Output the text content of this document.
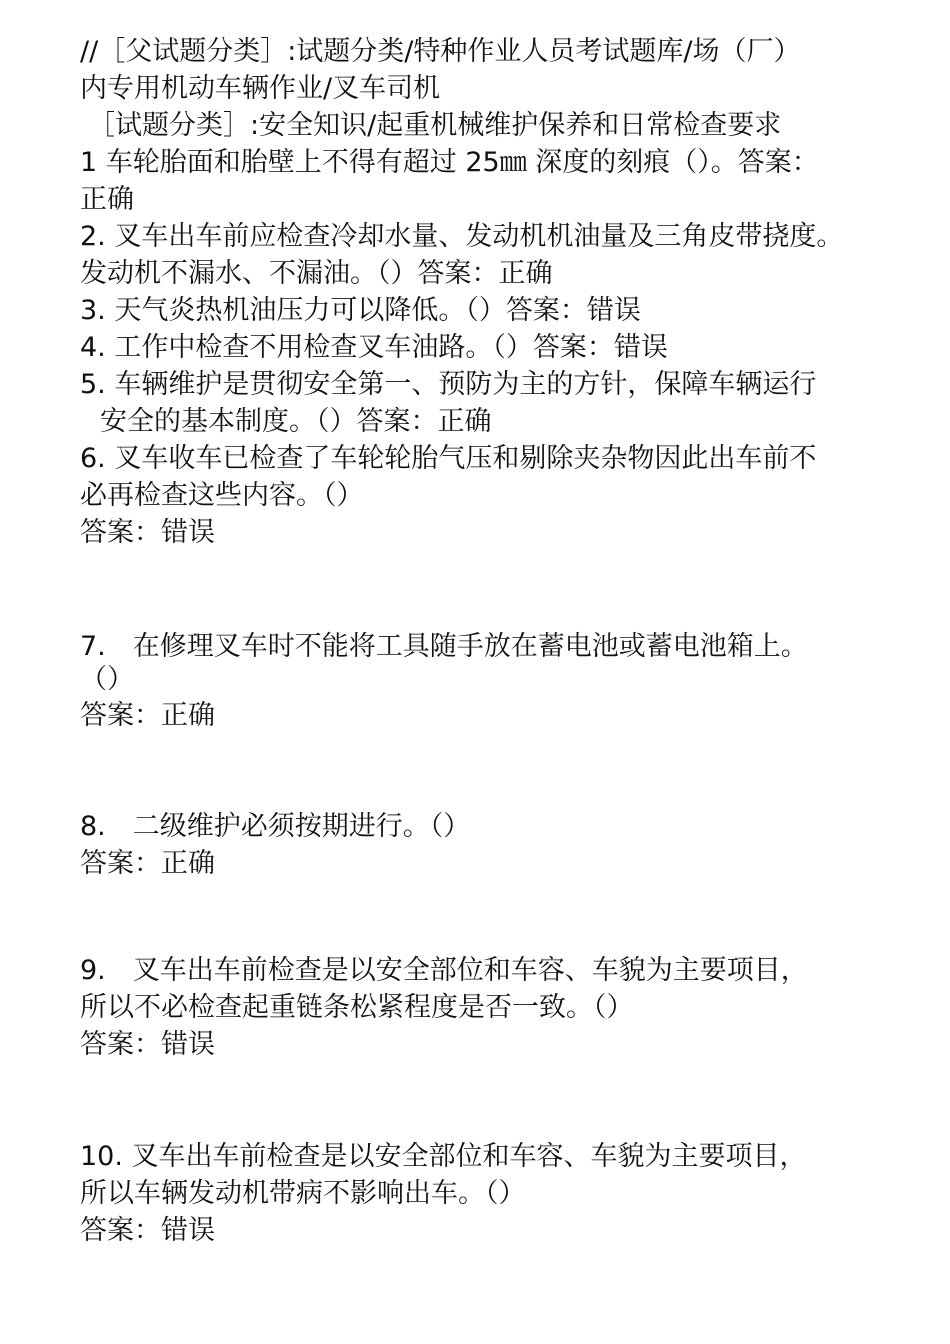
//［父试题分类］:试题分类/特种作业人员考试题库/场（厂）
内专用机动车辆作业/叉车司机
［试题分类］:安全知识/起重机械维护保养和日常检查要求
1 车轮胎面和胎壁上不得有超过 25㎜ 深度的刻痕（）。答案：
正确
2. 叉车出车前应检查冷却水量、发动机机油量及三角皮带挠度。
发动机不漏水、不漏油。（）答案：正确
3. 天气炎热机油压力可以降低。（）答案：错误
4. 工作中检查不用检查叉车油路。（）答案：错误
5. 车辆维护是贯彻安全第一、预防为主的方针，保障车辆运行
安全的基本制度。（）答案：正确
6. 叉车收车已检查了车轮轮胎气压和剔除夹杂物因此出车前不
必再检查这些内容。（）
答案：错误
7.　在修理叉车时不能将工具随手放在蓄电池或蓄电池箱上。
（）
答案：正确
8.　二级维护必须按期进行。（）
答案：正确
9.　叉车出车前检查是以安全部位和车容、车貌为主要项目，
所以不必检查起重链条松紧程度是否一致。（）
答案：错误
10. 叉车出车前检查是以安全部位和车容、车貌为主要项目，
所以车辆发动机带病不影响出车。（）
答案：错误
